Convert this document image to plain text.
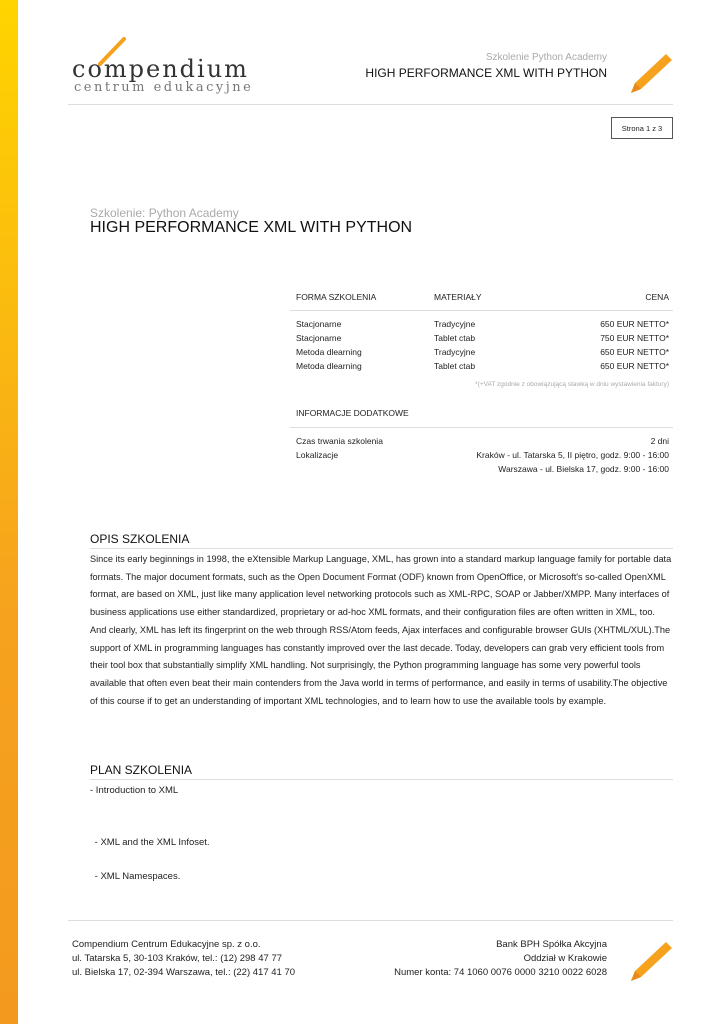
compendium
centrum edukacyjne
Szkolenie Python Academy
HIGH PERFORMANCE XML WITH PYTHON
Strona 1 z 3
Szkolenie: Python Academy
HIGH PERFORMANCE XML WITH PYTHON
FORMA SZKOLENIA	MATERIAŁY	CENA
Stacjonarne	Tradycyjne	650 EUR NETTO*
Stacjonarne	Tablet ctab	750 EUR NETTO*
Metoda dlearning	Tradycyjne	650 EUR NETTO*
Metoda dlearning	Tablet ctab	650 EUR NETTO*
*(+VAT zgodnie z obowiązującą stawką w dniu wystawienia faktury)
INFORMACJE DODATKOWE
Czas trwania szkolenia	2 dni
Lokalizacje	Kraków - ul. Tatarska 5, II piętro, godz. 9:00 - 16:00
Warszawa - ul. Bielska 17, godz. 9:00 - 16:00
OPIS SZKOLENIA
Since its early beginnings in 1998, the eXtensible Markup Language, XML, has grown into a standard markup language family for portable data formats. The major document formats, such as the Open Document Format (ODF) known from OpenOffice, or Microsoft's so-called OpenXML format, are based on XML, just like many application level networking protocols such as XML-RPC, SOAP or Jabber/XMPP. Many interfaces of business applications use either standardized, proprietary or ad-hoc XML formats, and their configuration files are often written in XML, too. And clearly, XML has left its fingerprint on the web through RSS/Atom feeds, Ajax interfaces and configurable browser GUIs (XHTML/XUL).The support of XML in programming languages has constantly improved over the last decade. Today, developers can grab very efficient tools from their tool box that substantially simplify XML handling. Not surprisingly, the Python programming language has some very powerful tools available that often even beat their main contenders from the Java world in terms of performance, and easily in terms of usability.The objective of this course if to get an understanding of important XML technologies, and to learn how to use the available tools by example.
PLAN SZKOLENIA
- Introduction to XML
- XML and the XML Infoset.
- XML Namespaces.
Compendium Centrum Edukacyjne sp. z o.o.
ul. Tatarska 5, 30-103 Kraków, tel.: (12) 298 47 77
ul. Bielska 17, 02-394 Warszawa, tel.: (22) 417 41 70
Bank BPH Spółka Akcyjna
Oddział w Krakowie
Numer konta: 74 1060 0076 0000 3210 0022 6028
